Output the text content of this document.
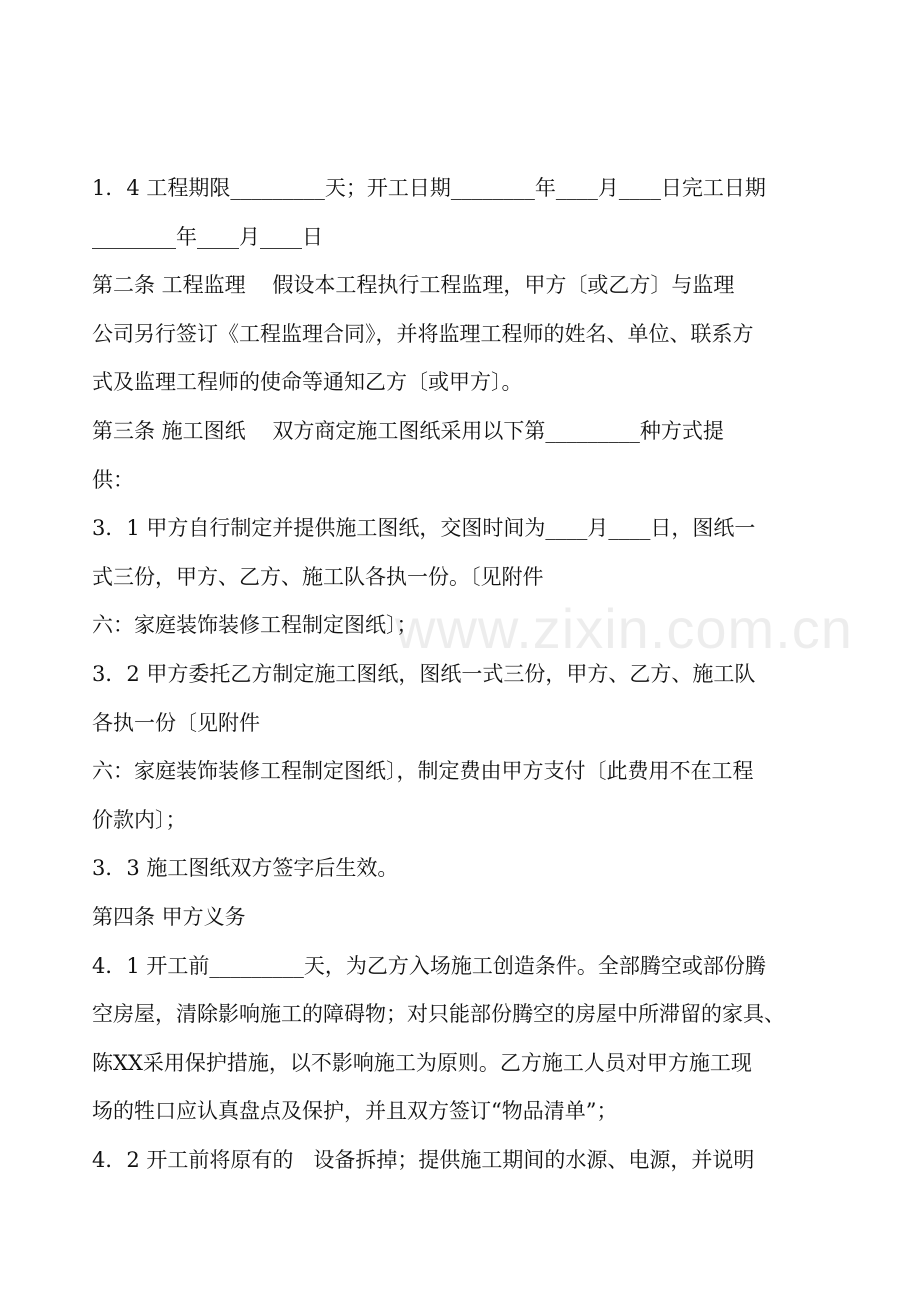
www.zixin.com.cn
1．4 工程期限_________天；开工日期________年____月____日完工日期
________年____月____日
第二条 工程监理    假设本工程执行工程监理，甲方〔或乙方〕与监理
公司另行签订《工程监理合同》，并将监理工程师的姓名、单位、联系方
式及监理工程师的使命等通知乙方〔或甲方〕。
第三条 施工图纸    双方商定施工图纸采用以下第_________种方式提
供：
3．1 甲方自行制定并提供施工图纸，交图时间为____月____日，图纸一
式三份，甲方、乙方、施工队各执一份。〔见附件
六：家庭装饰装修工程制定图纸〕；
3．2 甲方委托乙方制定施工图纸，图纸一式三份，甲方、乙方、施工队
各执一份〔见附件
六：家庭装饰装修工程制定图纸〕，制定费由甲方支付〔此费用不在工程
价款内〕；
3．3 施工图纸双方签字后生效。
第四条 甲方义务
4．1 开工前_________天，为乙方入场施工创造条件。全部腾空或部份腾
空房屋，清除影响施工的障碍物；对只能部份腾空的房屋中所滞留的家具、
陈XX采用保护措施，以不影响施工为原则。乙方施工人员对甲方施工现
场的牲口应认真盘点及保护，并且双方签订“物品清单”；
4．2 开工前将原有的   设备拆掉；提供施工期间的水源、电源，并说明
